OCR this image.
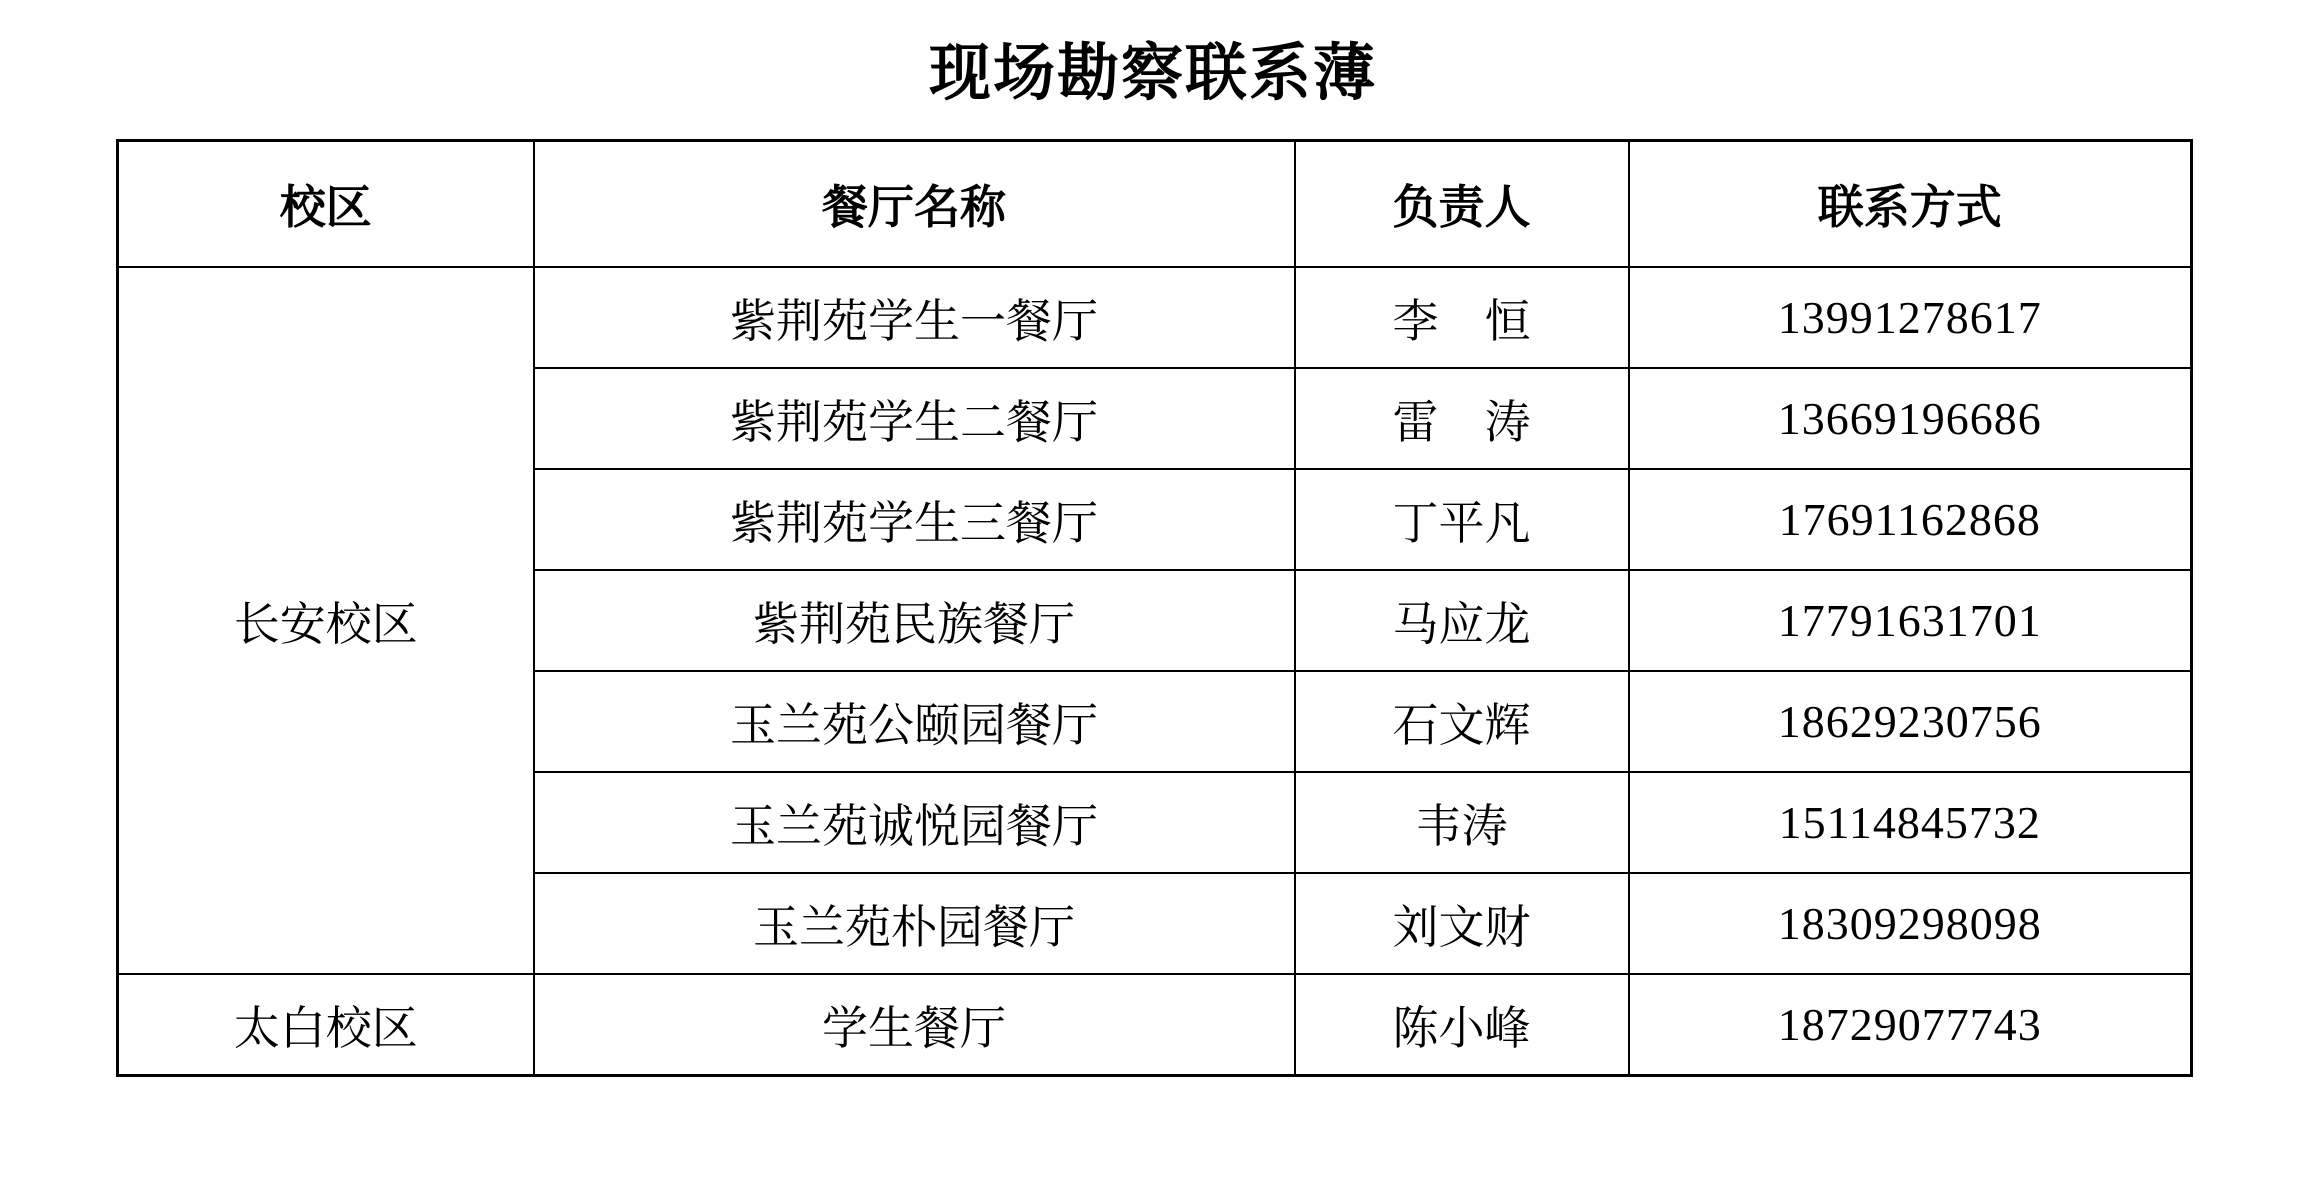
现场勘察联系薄
校区	餐厅名称	负责人	联系方式
长安校区	紫荆苑学生一餐厅	李　恒	13991278617
	紫荆苑学生二餐厅	雷　涛	13669196686
	紫荆苑学生三餐厅	丁平凡	17691162868
	紫荆苑民族餐厅	马应龙	17791631701
	玉兰苑公颐园餐厅	石文辉	18629230756
	玉兰苑诚悦园餐厅	韦涛	15114845732
	玉兰苑朴园餐厅	刘文财	18309298098
太白校区	学生餐厅	陈小峰	18729077743
